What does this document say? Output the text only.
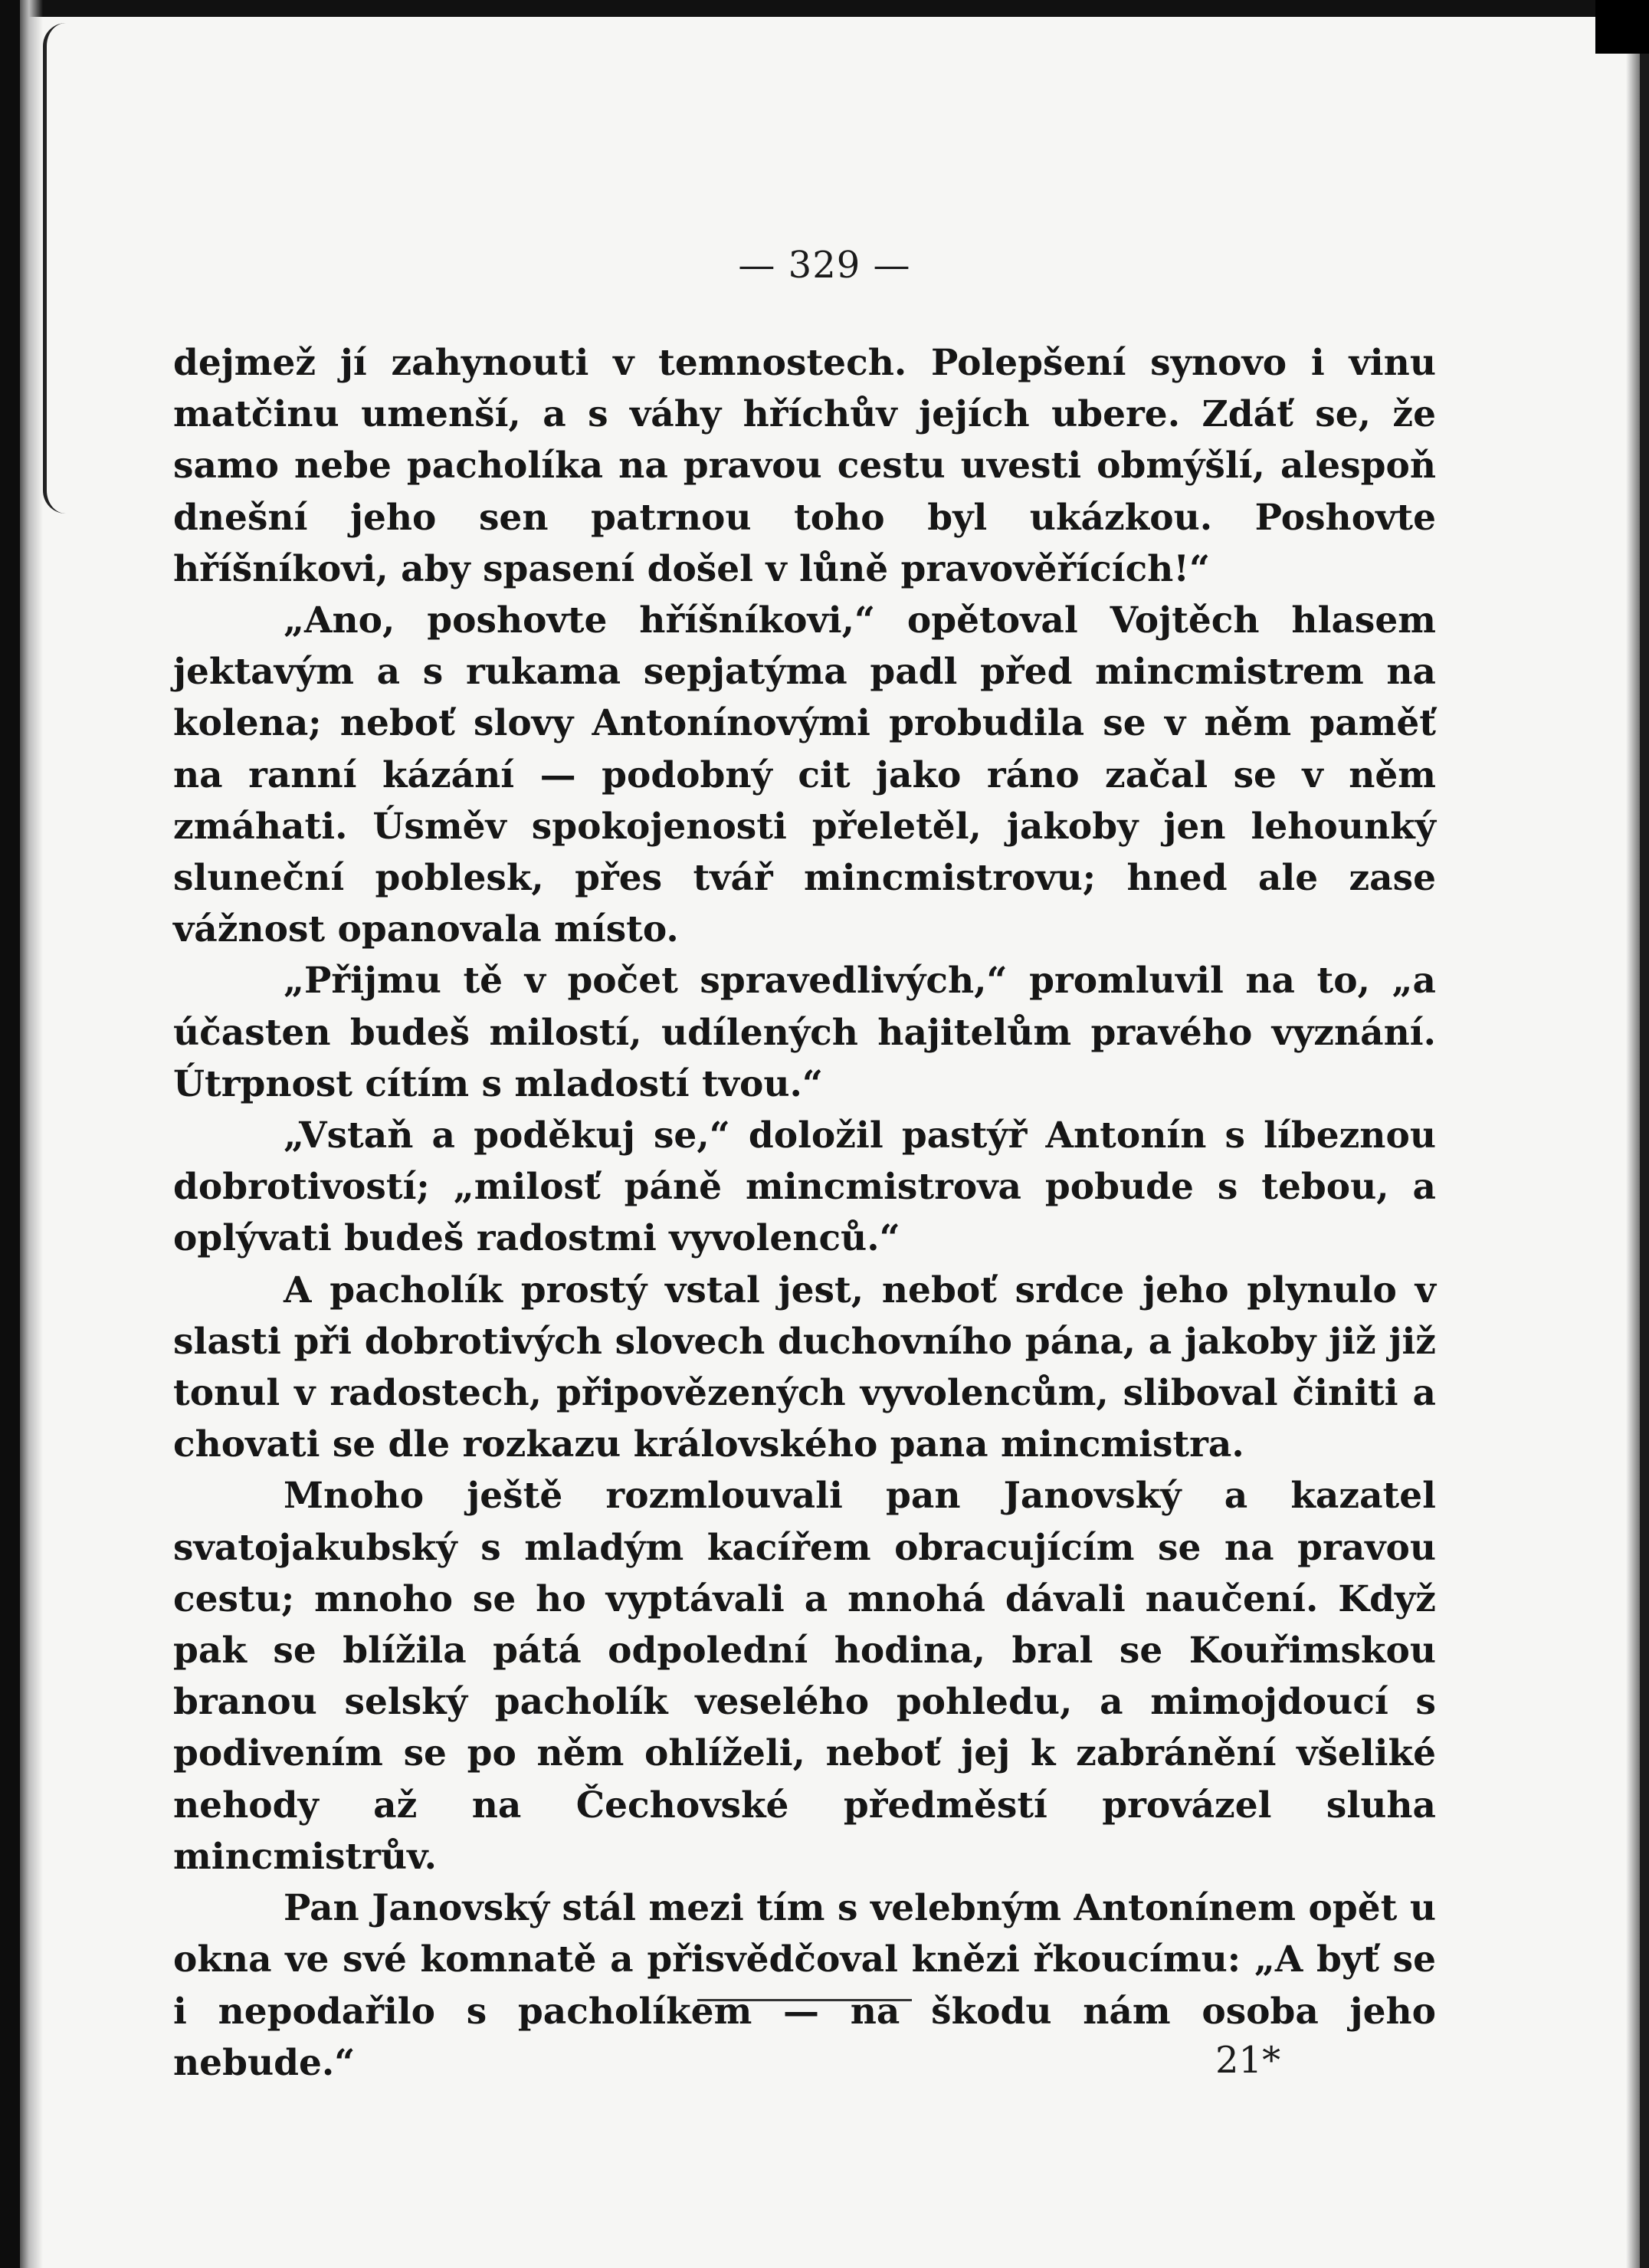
— 329 —

dejmež jí zahynouti v temnostech. Polepšení synovo i vinu matčinu umenší, a s váhy hříchův jejích ubere. Zdáť se, že samo nebe pacholíka na pravou cestu uvesti obmýšlí, alespoň dnešní jeho sen patrnou toho byl ukázkou. Poshovte hříšníkovi, aby spasení došel v lůně pravověřících!“

„Ano, poshovte hříšníkovi,“ opětoval Vojtěch hlasem jektavým a s rukama sepjatýma padl před mincmistrem na kolena; neboť slovy Antonínovými probudila se v něm paměť na ranní kázání — podobný cit jako ráno začal se v něm zmáhati. Úsměv spokojenosti přeletěl, jakoby jen lehounký sluneční poblesk, přes tvář mincmistrovu; hned ale zase vážnost opanovala místo.

„Přijmu tě v počet spravedlivých,“ promluvil na to, „a účasten budeš milostí, udílených hajitelům pravého vyznání. Útrpnost cítím s mladostí tvou.“

„Vstaň a poděkuj se,“ doložil pastýř Antonín s líbeznou dobrotivostí; „milosť páně mincmistrova pobude s tebou, a oplývati budeš radostmi vyvolenců.“

A pacholík prostý vstal jest, neboť srdce jeho plynulo v slasti při dobrotivých slovech duchovního pána, a jakoby již již tonul v radostech, připovězených vyvolencům, sliboval činiti a chovati se dle rozkazu královského pana mincmistra.

Mnoho ještě rozmlouvali pan Janovský a kazatel svatojakubský s mladým kacířem obracujícím se na pravou cestu; mnoho se ho vyptávali a mnohá dávali naučení. Když pak se blížila pátá odpolední hodina, bral se Kouřimskou branou selský pacholík veselého pohledu, a mimojdoucí s podivením se po něm ohlíželi, neboť jej k zabránění všeliké nehody až na Čechovské předměstí provázel sluha mincmistrův.

Pan Janovský stál mezi tím s velebným Antonínem opět u okna ve své komnatě a přisvědčoval knězi řkoucímu: „A byť se i nepodařilo s pacholíkem — na škodu nám osoba jeho nebude.“	21*
